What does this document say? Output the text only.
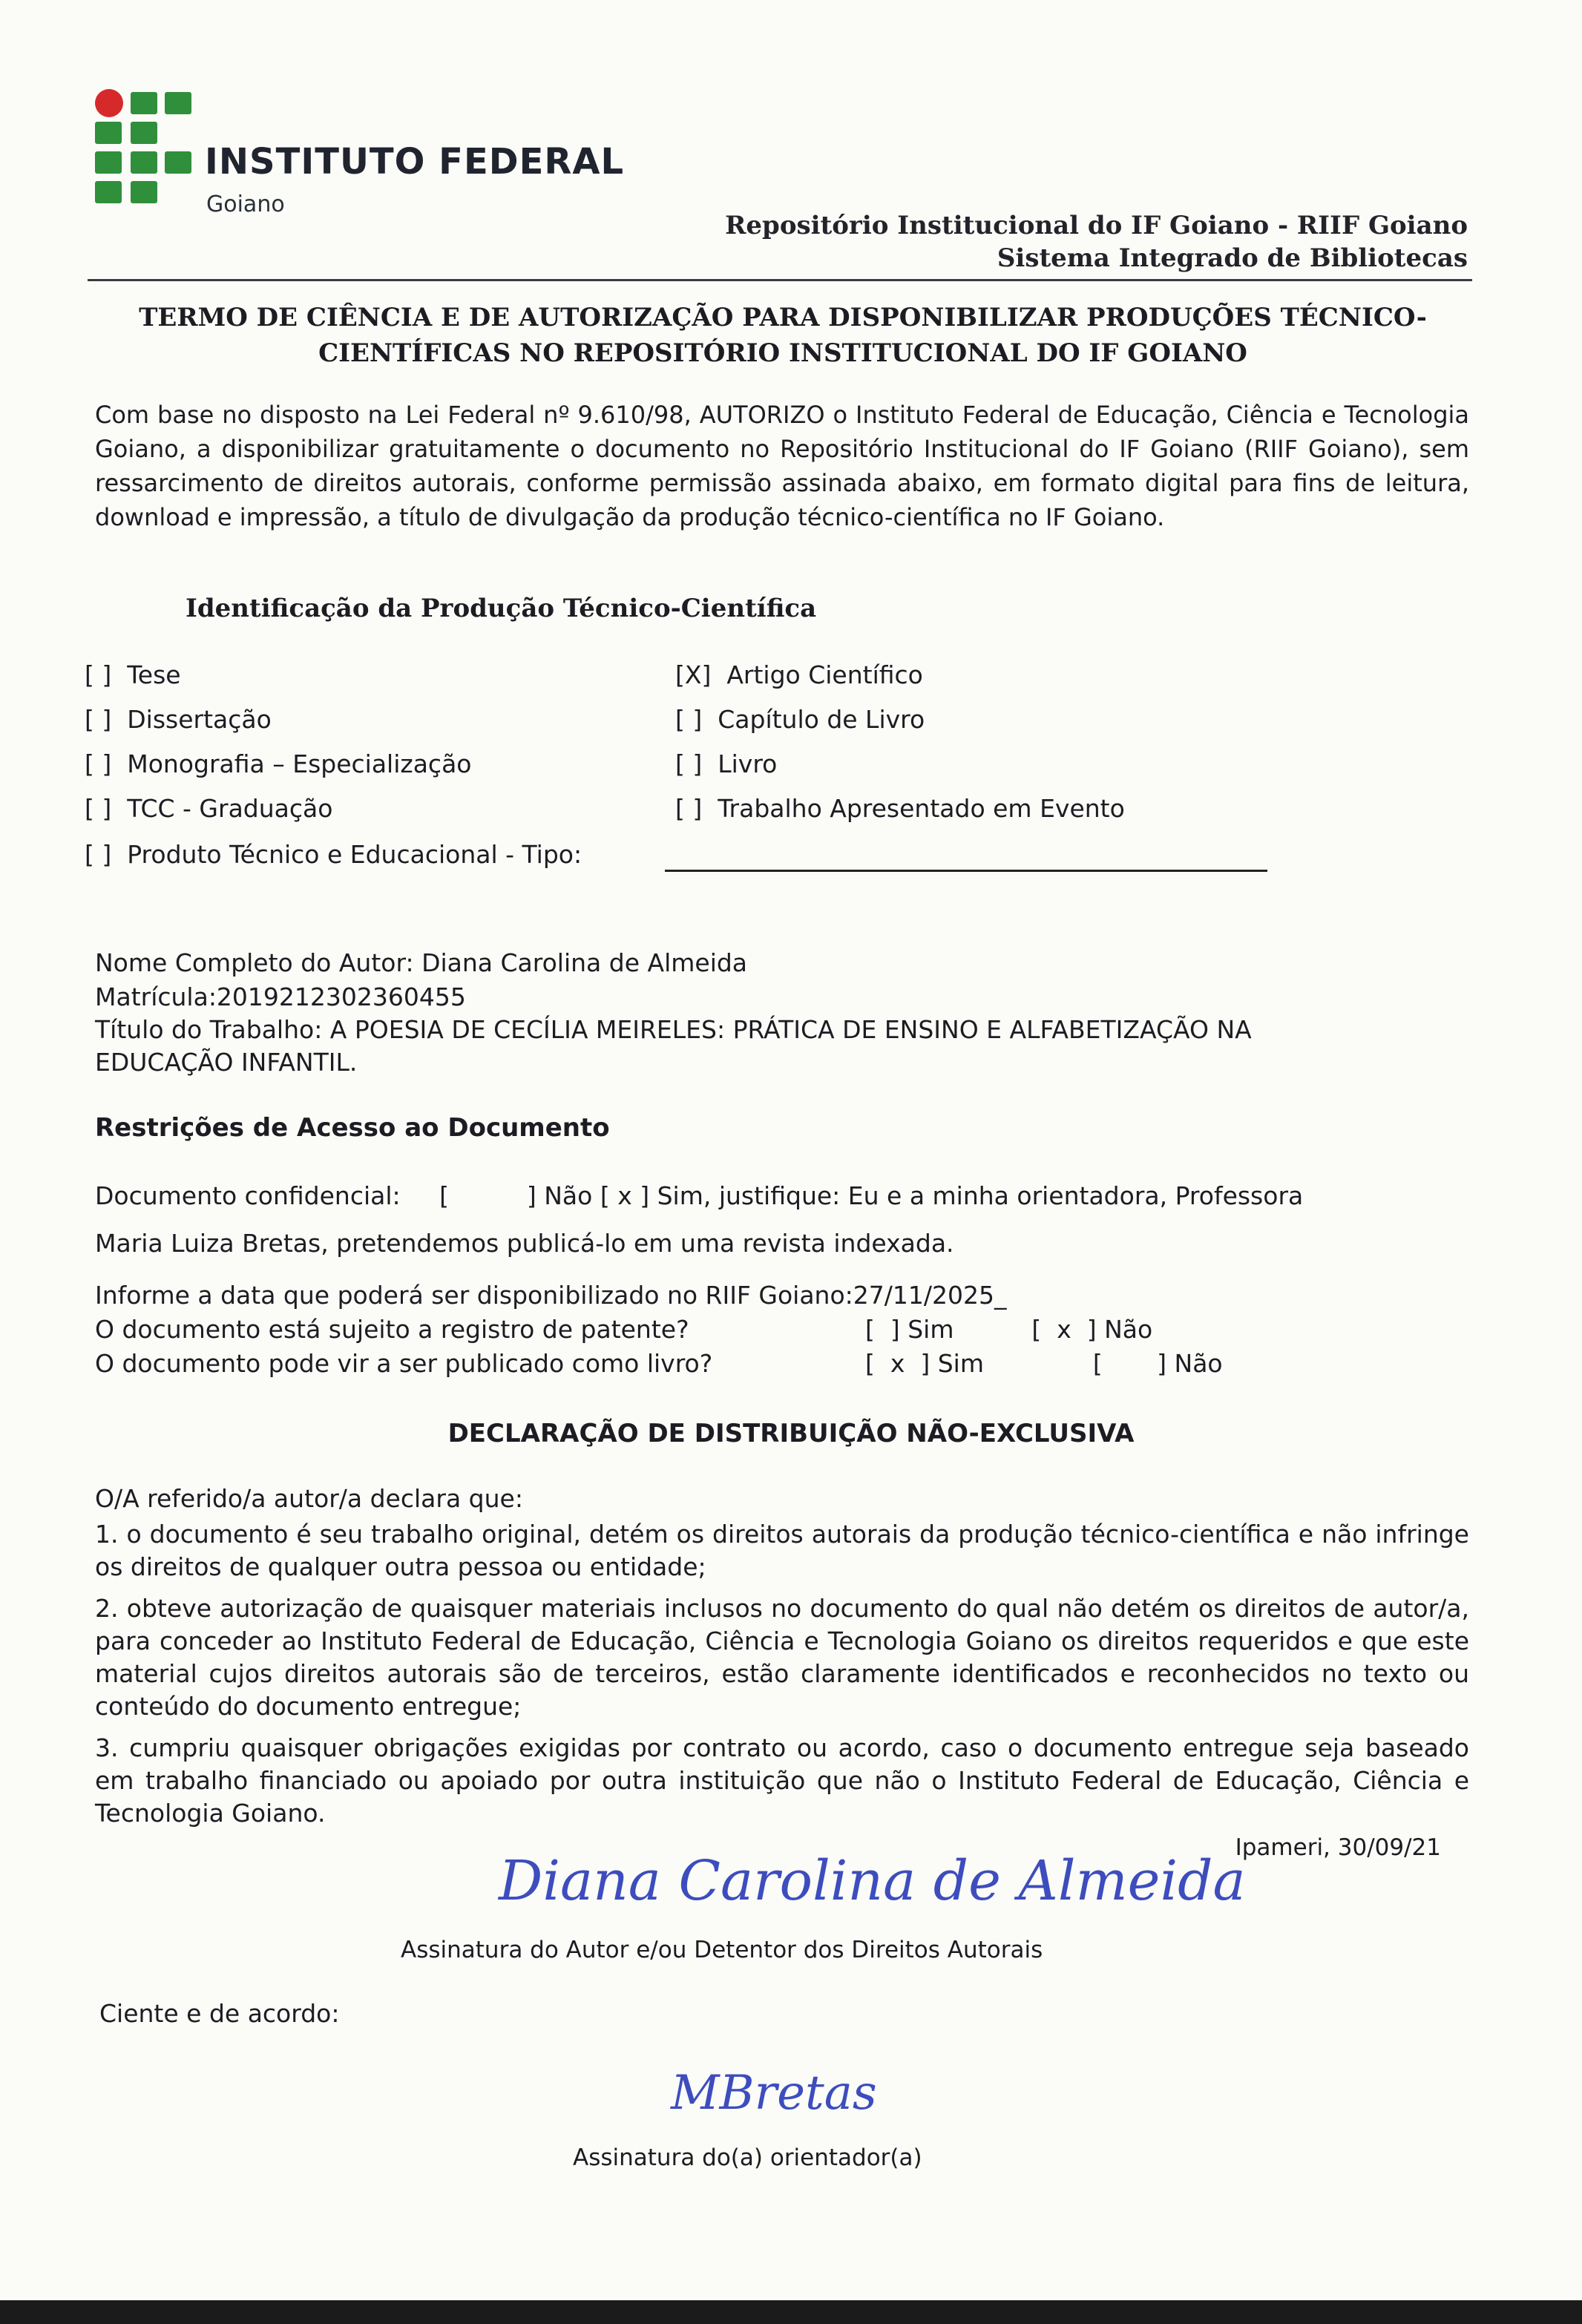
INSTITUTO FEDERAL
Goiano
Repositório Institucional do IF Goiano - RIIF Goiano
Sistema Integrado de Bibliotecas
TERMO DE CIÊNCIA E DE AUTORIZAÇÃO PARA DISPONIBILIZAR PRODUÇÕES TÉCNICO-
CIENTÍFICAS NO REPOSITÓRIO INSTITUCIONAL DO IF GOIANO
Com base no disposto na Lei Federal nº 9.610/98, AUTORIZO o Instituto Federal de Educação, Ciência e Tecnologia Goiano, a disponibilizar gratuitamente o documento no Repositório Institucional do IF Goiano (RIIF Goiano), sem ressarcimento de direitos autorais, conforme permissão assinada abaixo, em formato digital para fins de leitura, download e impressão, a título de divulgação da produção técnico-científica no IF Goiano.
Identificação da Produção Técnico-Científica
[ ] Tese
[ ] Dissertação
[ ] Monografia – Especialização
[ ] TCC - Graduação
[X] Artigo Científico
[ ] Capítulo de Livro
[ ] Livro
[ ] Trabalho Apresentado em Evento
[ ] Produto Técnico e Educacional - Tipo:
Nome Completo do Autor: Diana Carolina de Almeida
Matrícula:2019212302360455
Título do Trabalho: A POESIA DE CECÍLIA MEIRELES: PRÁTICA DE ENSINO E ALFABETIZAÇÃO NA
EDUCAÇÃO INFANTIL.
Restrições de Acesso ao Documento
Documento confidencial:     [          ] Não [ x ] Sim, justifique: Eu e a minha orientadora, Professora
Maria Luiza Bretas, pretendemos publicá-lo em uma revista indexada.
Informe a data que poderá ser disponibilizado no RIIF Goiano:27/11/2025_
O documento está sujeito a registro de patente?	[  ] Sim          [  x  ] Não
O documento pode vir a ser publicado como livro?	[  x  ] Sim              [       ] Não
DECLARAÇÃO DE DISTRIBUIÇÃO NÃO-EXCLUSIVA
O/A referido/a autor/a declara que:
1. o documento é seu trabalho original, detém os direitos autorais da produção técnico-científica e não infringe os direitos de qualquer outra pessoa ou entidade;
2. obteve autorização de quaisquer materiais inclusos no documento do qual não detém os direitos de autor/a, para conceder ao Instituto Federal de Educação, Ciência e Tecnologia Goiano os direitos requeridos e que este material cujos direitos autorais são de terceiros, estão claramente identificados e reconhecidos no texto ou conteúdo do documento entregue;
3. cumpriu quaisquer obrigações exigidas por contrato ou acordo, caso o documento entregue seja baseado em trabalho financiado ou apoiado por outra instituição que não o Instituto Federal de Educação, Ciência e Tecnologia Goiano.
Ipameri, 30/09/21
Diana Carolina de Almeida
Assinatura do Autor e/ou Detentor dos Direitos Autorais
Ciente e de acordo:
MBretas
Assinatura do(a) orientador(a)
